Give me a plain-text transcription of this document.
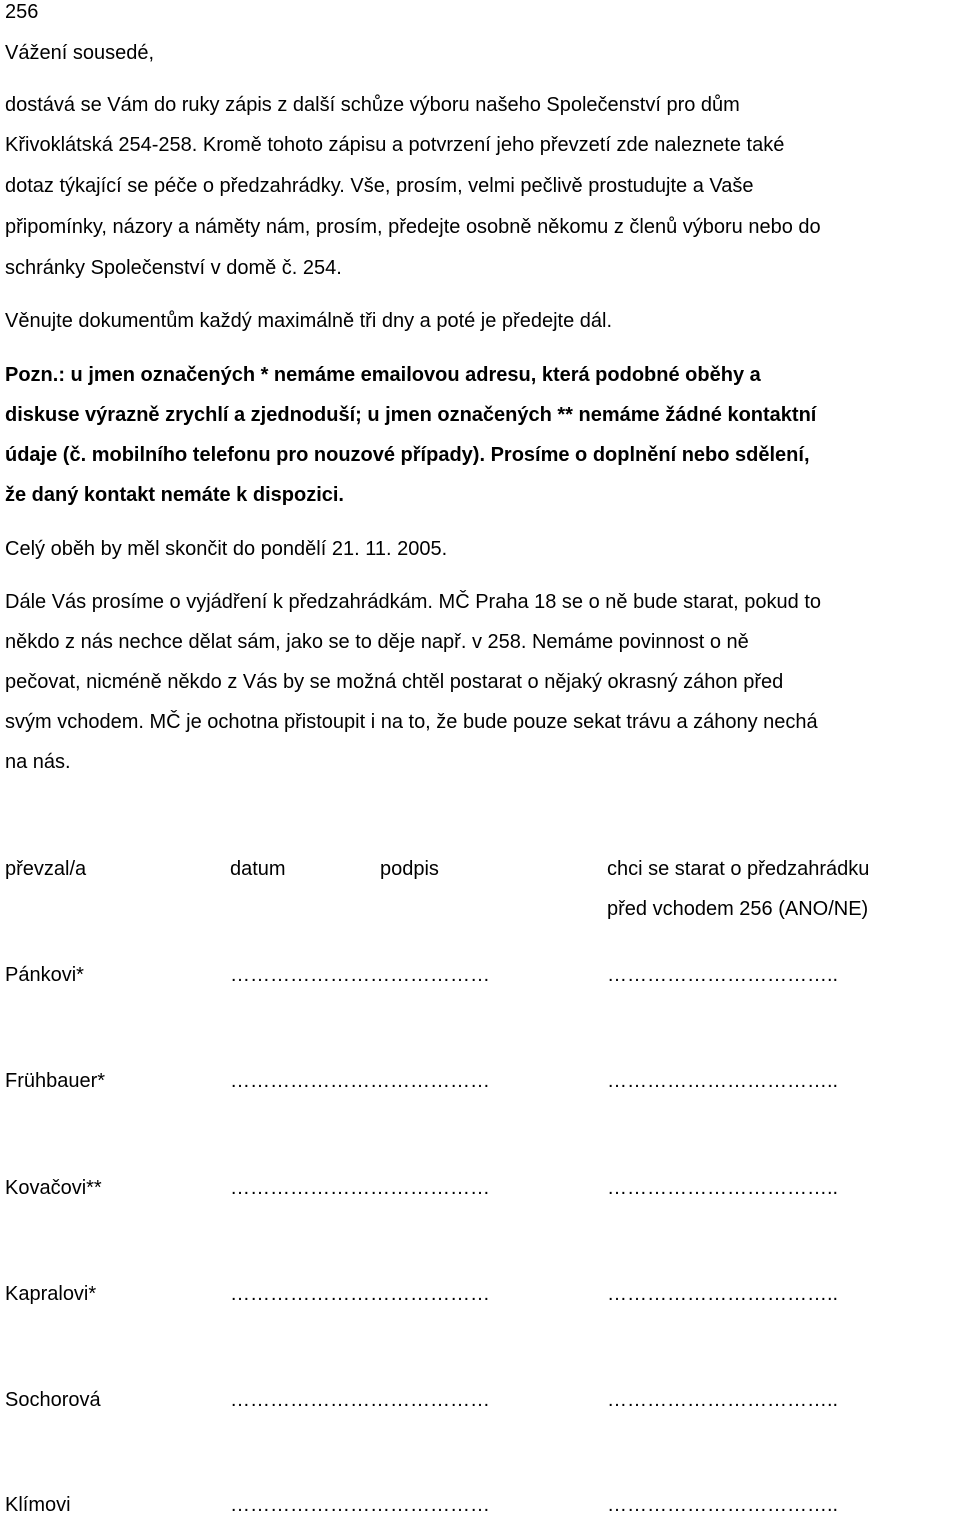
256
Vážení sousedé,
dostává se Vám do ruky zápis z další schůze výboru našeho Společenství pro dům
Křivoklátská 254-258. Kromě tohoto zápisu a potvrzení jeho převzetí zde naleznete také
dotaz týkající se péče o předzahrádky. Vše, prosím, velmi pečlivě prostudujte a Vaše
připomínky, názory a náměty nám, prosím, předejte osobně někomu z členů výboru nebo do
schránky Společenství v domě č. 254.
Věnujte dokumentům každý maximálně tři dny a poté je předejte dál.
Pozn.: u jmen označených * nemáme emailovou adresu, která podobné oběhy a
diskuse výrazně zrychlí a zjednoduší; u jmen označených ** nemáme žádné kontaktní
údaje (č. mobilního telefonu pro nouzové případy). Prosíme o doplnění nebo sdělení,
že daný kontakt nemáte k dispozici.
Celý oběh by měl skončit do pondělí 21. 11. 2005.
Dále Vás prosíme o vyjádření k předzahrádkám. MČ Praha 18 se o ně bude starat, pokud to
někdo z nás nechce dělat sám, jako se to děje např. v 258. Nemáme povinnost o ně
pečovat, nicméně někdo z Vás by se možná chtěl postarat o nějaký okrasný záhon před
svým vchodem. MČ je ochotna přistoupit i na to, že bude pouze sekat trávu a záhony nechá
na nás.
převzal/a	datum	podpis	chci se starat o předzahrádku
před vchodem 256 (ANO/NE)
Pánkovi*	…………………………………	……………………………..
Frühbauer*	…………………………………	……………………………..
Kovačovi**	…………………………………	……………………………..
Kapralovi*	…………………………………	……………………………..
Sochorová	…………………………………	……………………………..
Klímovi	…………………………………	……………………………..
